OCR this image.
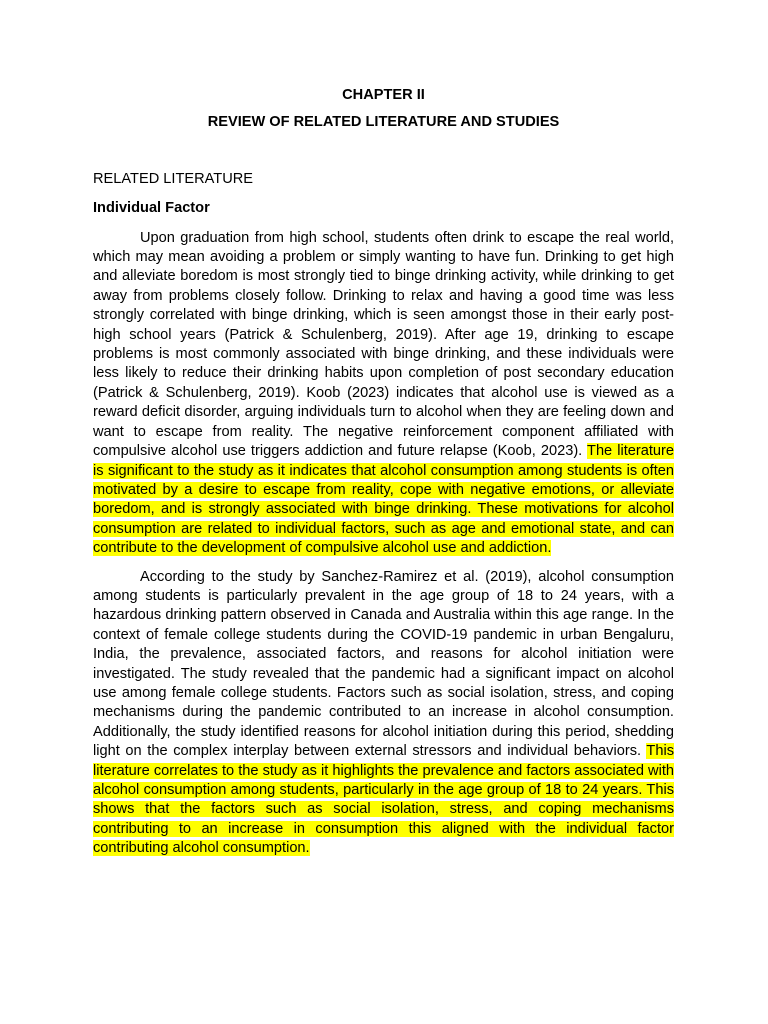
CHAPTER II

REVIEW OF RELATED LITERATURE AND STUDIES

RELATED LITERATURE

Individual Factor

Upon graduation from high school, students often drink to escape the real world, which may mean avoiding a problem or simply wanting to have fun. Drinking to get high and alleviate boredom is most strongly tied to binge drinking activity, while drinking to get away from problems closely follow. Drinking to relax and having a good time was less strongly correlated with binge drinking, which is seen amongst those in their early post-high school years (Patrick & Schulenberg, 2019). After age 19, drinking to escape problems is most commonly associated with binge drinking, and these individuals were less likely to reduce their drinking habits upon completion of post secondary education (Patrick & Schulenberg, 2019). Koob (2023) indicates that alcohol use is viewed as a reward deficit disorder, arguing individuals turn to alcohol when they are feeling down and want to escape from reality. The negative reinforcement component affiliated with compulsive alcohol use triggers addiction and future relapse (Koob, 2023). The literature is significant to the study as it indicates that alcohol consumption among students is often motivated by a desire to escape from reality, cope with negative emotions, or alleviate boredom, and is strongly associated with binge drinking. These motivations for alcohol consumption are related to individual factors, such as age and emotional state, and can contribute to the development of compulsive alcohol use and addiction.

According to the study by Sanchez-Ramirez et al. (2019), alcohol consumption among students is particularly prevalent in the age group of 18 to 24 years, with a hazardous drinking pattern observed in Canada and Australia within this age range. In the context of female college students during the COVID-19 pandemic in urban Bengaluru, India, the prevalence, associated factors, and reasons for alcohol initiation were investigated. The study revealed that the pandemic had a significant impact on alcohol use among female college students. Factors such as social isolation, stress, and coping mechanisms during the pandemic contributed to an increase in alcohol consumption. Additionally, the study identified reasons for alcohol initiation during this period, shedding light on the complex interplay between external stressors and individual behaviors. This literature correlates to the study as it highlights the prevalence and factors associated with alcohol consumption among students, particularly in the age group of 18 to 24 years. This shows that the factors such as social isolation, stress, and coping mechanisms contributing to an increase in consumption this aligned with the individual factor contributing alcohol consumption.
